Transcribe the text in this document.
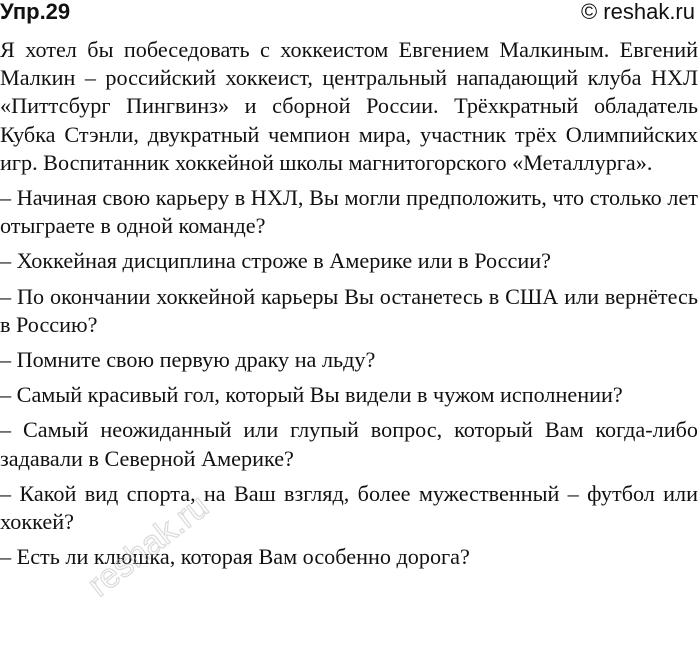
Упр.29	© reshak.ru

Я хотел бы побеседовать с хоккеистом Евгением Малкиным. Евгений Малкин – российский хоккеист, центральный нападающий клуба НХЛ «Питтсбург Пингвинз» и сборной России. Трёхкратный обладатель Кубка Стэнли, двукратный чемпион мира, участник трёх Олимпийских игр. Воспитанник хоккейной школы магнитогорского «Металлурга».

– Начиная свою карьеру в НХЛ, Вы могли предположить, что столько лет отыграете в одной команде?

– Хоккейная дисциплина строже в Америке или в России?

– По окончании хоккейной карьеры Вы останетесь в США или вернётесь в Россию?

– Помните свою первую драку на льду?

– Самый красивый гол, который Вы видели в чужом исполнении?

– Самый неожиданный или глупый вопрос, который Вам когда-либо задавали в Северной Америке?

– Какой вид спорта, на Ваш взгляд, более мужественный – футбол или хоккей?

– Есть ли клюшка, которая Вам особенно дорога?

reshak.ru
